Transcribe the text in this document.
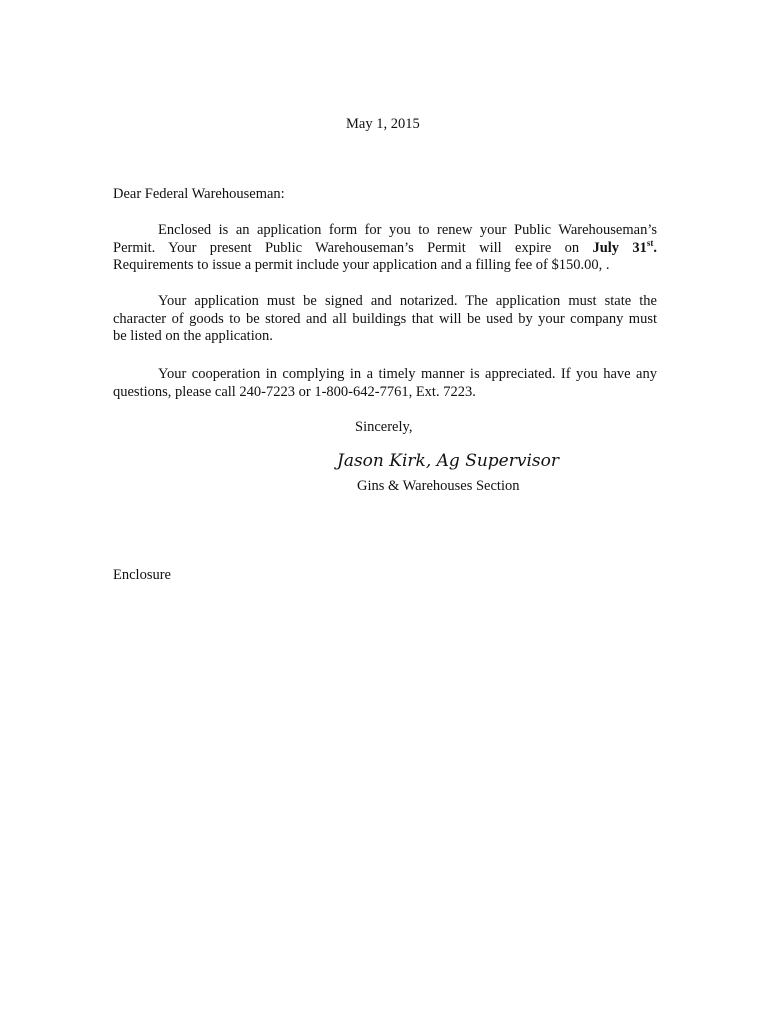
May 1, 2015
Dear Federal Warehouseman:
Enclosed is an application form for you to renew your Public Warehouseman’s
Permit. Your present Public Warehouseman’s Permit will expire on July 31st.
Requirements to issue a permit include your application and a filling fee of $150.00, .
Your application must be signed and notarized. The application must state the
character of goods to be stored and all buildings that will be used by your company must
be listed on the application.
Your cooperation in complying in a timely manner is appreciated. If you have any
questions, please call 240-7223 or 1-800-642-7761, Ext. 7223.
Sincerely,
Jason Kirk, Ag Supervisor
Gins & Warehouses Section
Enclosure
